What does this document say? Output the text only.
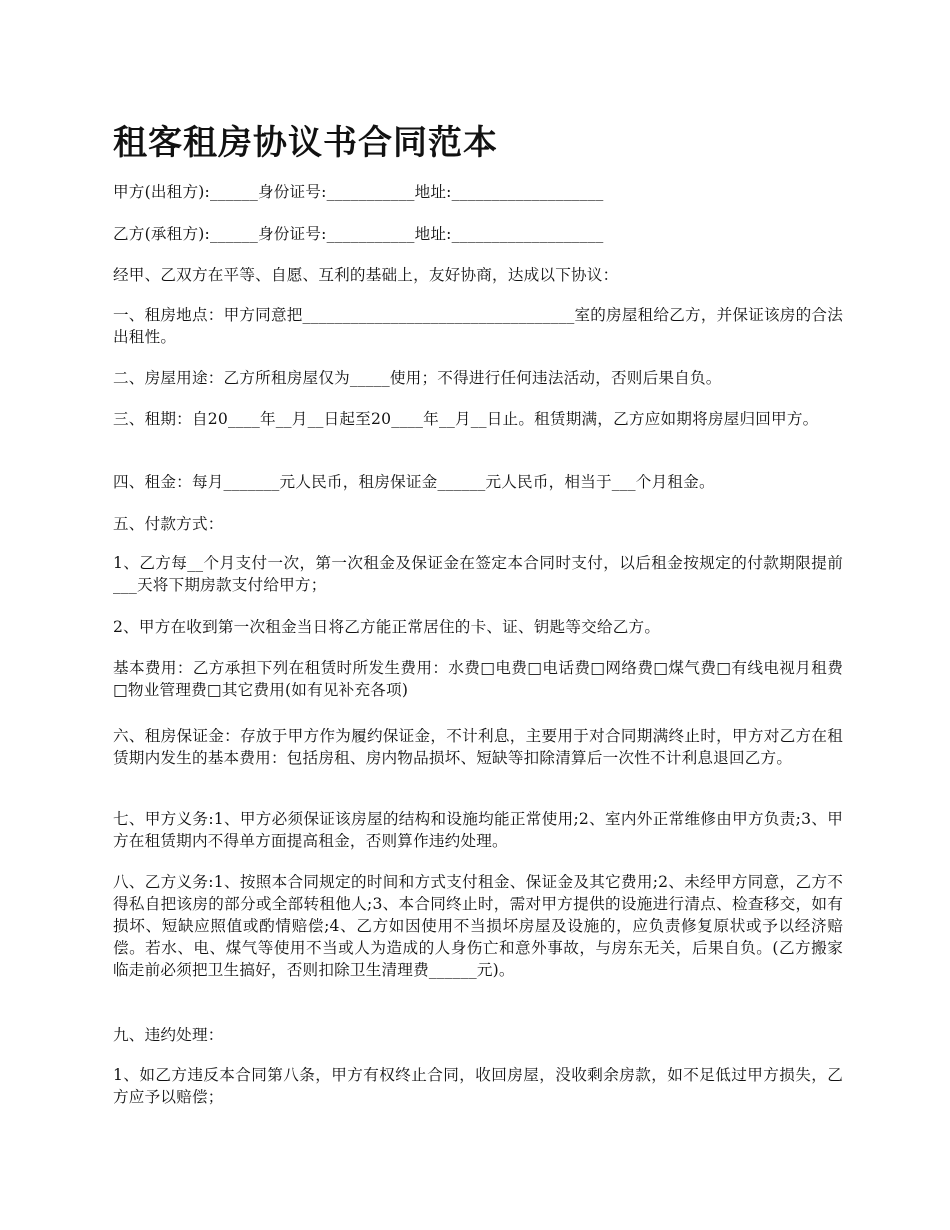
租客租房协议书合同范本

甲方(出租方):______身份证号:___________地址:___________________

乙方(承租方):______身份证号:___________地址:___________________

经甲、乙双方在平等、自愿、互利的基础上，友好协商，达成以下协议：

一、租房地点：甲方同意把__________________________________室的房屋租给乙方，并保证该房的合法出租性。

二、房屋用途：乙方所租房屋仅为_____使用；不得进行任何违法活动，否则后果自负。

三、租期：自20____年__月__日起至20____年__月__日止。租赁期满，乙方应如期将房屋归回甲方。

四、租金：每月_______元人民币，租房保证金______元人民币，相当于___个月租金。

五、付款方式：

1、乙方每__个月支付一次，第一次租金及保证金在签定本合同时支付，以后租金按规定的付款期限提前___天将下期房款支付给甲方；

2、甲方在收到第一次租金当日将乙方能正常居住的卡、证、钥匙等交给乙方。

基本费用：乙方承担下列在租赁时所发生费用：水费□电费□电话费□网络费□煤气费□有线电视月租费□物业管理费□其它费用(如有见补充各项)

六、租房保证金：存放于甲方作为履约保证金，不计利息，主要用于对合同期满终止时，甲方对乙方在租赁期内发生的基本费用：包括房租、房内物品损坏、短缺等扣除清算后一次性不计利息退回乙方。

七、甲方义务:1、甲方必须保证该房屋的结构和设施均能正常使用;2、室内外正常维修由甲方负责;3、甲方在租赁期内不得单方面提高租金，否则算作违约处理。

八、乙方义务:1、按照本合同规定的时间和方式支付租金、保证金及其它费用;2、未经甲方同意，乙方不得私自把该房的部分或全部转租他人;3、本合同终止时，需对甲方提供的设施进行清点、检查移交，如有损坏、短缺应照值或酌情赔偿;4、乙方如因使用不当损坏房屋及设施的，应负责修复原状或予以经济赔偿。若水、电、煤气等使用不当或人为造成的人身伤亡和意外事故，与房东无关，后果自负。(乙方搬家临走前必须把卫生搞好，否则扣除卫生清理费______元)。

九、违约处理：

1、如乙方违反本合同第八条，甲方有权终止合同，收回房屋，没收剩余房款，如不足低过甲方损失，乙方应予以赔偿；
